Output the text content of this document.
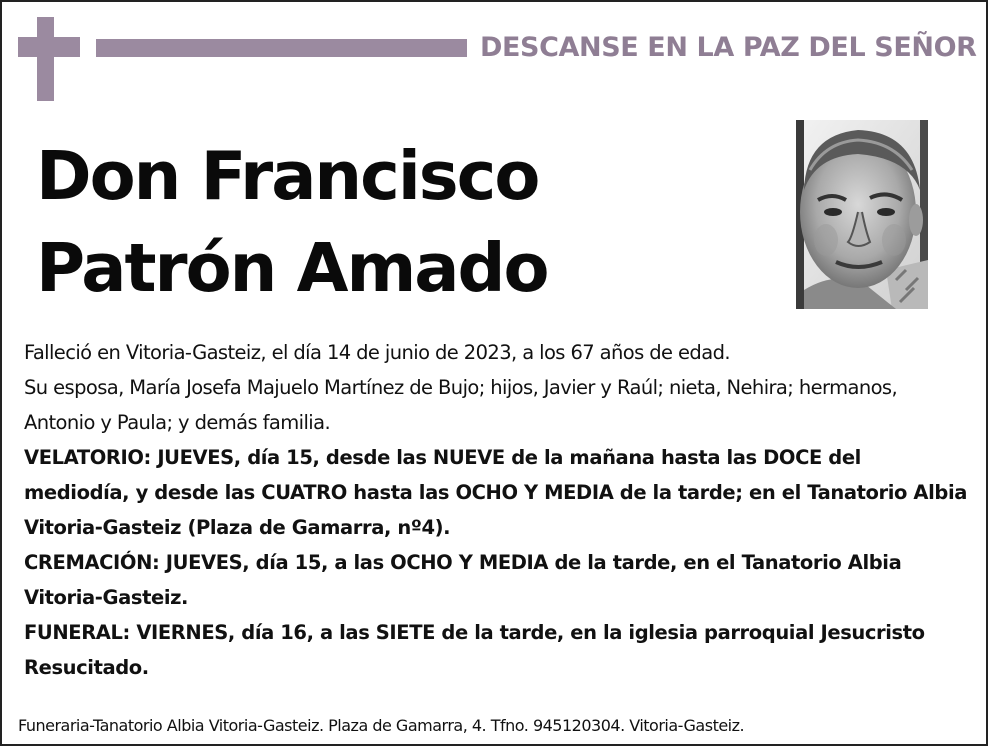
DESCANSE EN LA PAZ DEL SEÑOR
Don Francisco
Patrón Amado

Falleció en Vitoria-Gasteiz, el día 14 de junio de 2023, a los 67 años de edad.

Su esposa, María Josefa Majuelo Martínez de Bujo; hijos, Javier y Raúl; nieta, Nehira; hermanos, Antonio y Paula; y demás familia.

VELATORIO: JUEVES, día 15, desde las NUEVE de la mañana hasta las DOCE del mediodía, y desde las CUATRO hasta las OCHO Y MEDIA de la tarde; en el Tanatorio Albia Vitoria-Gasteiz (Plaza de Gamarra, nº4).

CREMACIÓN: JUEVES, día 15, a las OCHO Y MEDIA de la tarde, en el Tanatorio Albia Vitoria-Gasteiz.

FUNERAL: VIERNES, día 16, a las SIETE de la tarde, en la iglesia parroquial Jesucristo Resucitado.

Funeraria-Tanatorio Albia Vitoria-Gasteiz. Plaza de Gamarra, 4. Tfno. 945120304. Vitoria-Gasteiz.
